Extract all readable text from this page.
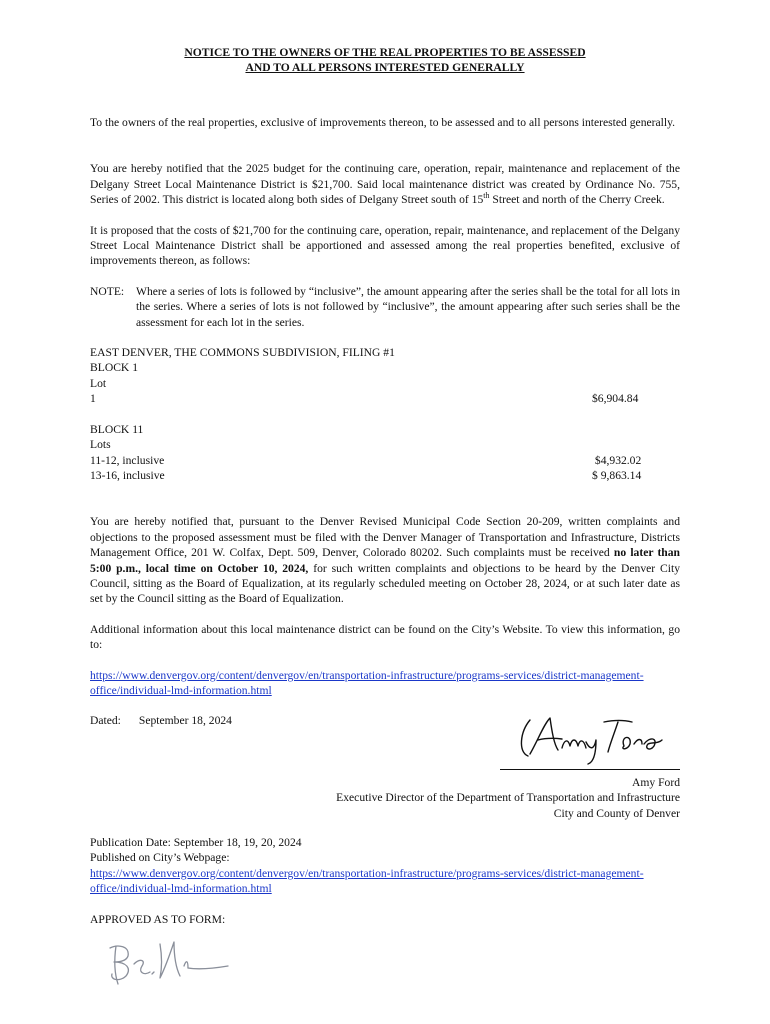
NOTICE TO THE OWNERS OF THE REAL PROPERTIES TO BE ASSESSED
AND TO ALL PERSONS INTERESTED GENERALLY

To the owners of the real properties, exclusive of improvements thereon, to be assessed and to all persons interested generally.

You are hereby notified that the 2025 budget for the continuing care, operation, repair, maintenance and replacement of the Delgany Street Local Maintenance District is $21,700. Said local maintenance district was created by Ordinance No. 755, Series of 2002. This district is located along both sides of Delgany Street south of 15th Street and north of the Cherry Creek.

It is proposed that the costs of $21,700 for the continuing care, operation, repair, maintenance, and replacement of the Delgany Street Local Maintenance District shall be apportioned and assessed among the real properties benefited, exclusive of improvements thereon, as follows:

NOTE:	Where a series of lots is followed by “inclusive”, the amount appearing after the series shall be the total for all lots in the series. Where a series of lots is not followed by “inclusive”, the amount appearing after such series shall be the assessment for each lot in the series.
EAST DENVER, THE COMMONS SUBDIVISION, FILING #1
BLOCK 1
Lot
1	$6,904.84
BLOCK 11
Lots
11-12, inclusive	$4,932.02
13-16, inclusive	$ 9,863.14

You are hereby notified that, pursuant to the Denver Revised Municipal Code Section 20-209, written complaints and objections to the proposed assessment must be filed with the Denver Manager of Transportation and Infrastructure, Districts Management Office, 201 W. Colfax, Dept. 509, Denver, Colorado 80202. Such complaints must be received no later than 5:00 p.m., local time on October 10, 2024, for such written complaints and objections to be heard by the Denver City Council, sitting as the Board of Equalization, at its regularly scheduled meeting on October 28, 2024, or at such later date as set by the Council sitting as the Board of Equalization.

Additional information about this local maintenance district can be found on the City’s Website. To view this information, go to:

https://www.denvergov.org/content/denvergov/en/transportation-infrastructure/programs-services/district-management-office/individual-lmd-information.html
Dated: September 18, 2024
Amy Ford
Executive Director of the Department of Transportation and Infrastructure
City and County of Denver
Publication Date: September 18, 19, 20, 2024
Published on City’s Webpage:
https://www.denvergov.org/content/denvergov/en/transportation-infrastructure/programs-services/district-management-office/individual-lmd-information.html
APPROVED AS TO FORM:
